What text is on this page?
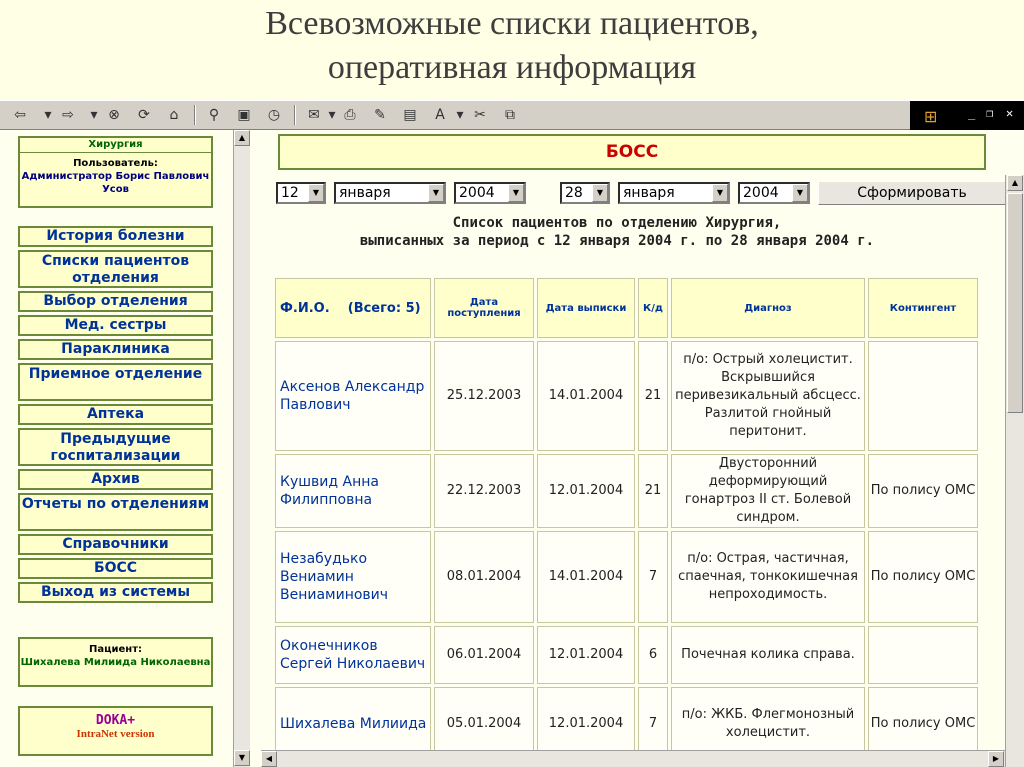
Всевозможные списки пациентов,
оперативная информация
⇦	▾ ⇨	▾ ⊗ ⟳	⌂	⚲	▣ ◷ ✉ ▾ ⎙	✎ ▤	A ▾ ✂	⧉	⊞	_ ❐ ✕
Хирургия
Пользователь:
Администратор Борис Павлович Усов
История болезни
Списки пациентов отделения
Выбор отделения
Мед. сестры
Параклиника
Приемное отделение
Аптека
Предыдущие госпитализации
Архив
Отчеты по отделениям
Справочники
БОСС
Выход из системы
Пациент:
Шихалева Милиида Николаевна
DOKA+
IntraNet version
▲
▼
БОСС
12	▼	января	▼	2004	▼	28	▼	января	▼	2004	▼	Сформировать
Список пациентов по отделению Хирургия,
выписанных за период с 12 января 2004 г. по 28 января 2004 г.
Ф.И.О. (Всего: 5)	Дата поступления	Дата выписки	К/д	Диагноз	Контингент
Аксенов Александр Павлович	25.12.2003	14.01.2004	21	п/о: Острый холецистит. Вскрывшийся перивезикальный абсцесс. Разлитой гнойный перитонит.	
Кушвид Анна Филипповна	22.12.2003	12.01.2004	21	Двусторонний деформирующий гонартроз II ст. Болевой синдром.	По полису ОМС
Незабудько Вениамин Вениаминович	08.01.2004	14.01.2004	7	п/о: Острая, частичная, спаечная, тонкокишечная непроходимость.	По полису ОМС
Оконечников Сергей Николаевич	06.01.2004	12.01.2004	6	Почечная колика справа.	
Шихалева Милиида	05.01.2004	12.01.2004	7	п/о: ЖКБ. Флегмонозный холецистит.	По полису ОМС
▲
◀	▶
